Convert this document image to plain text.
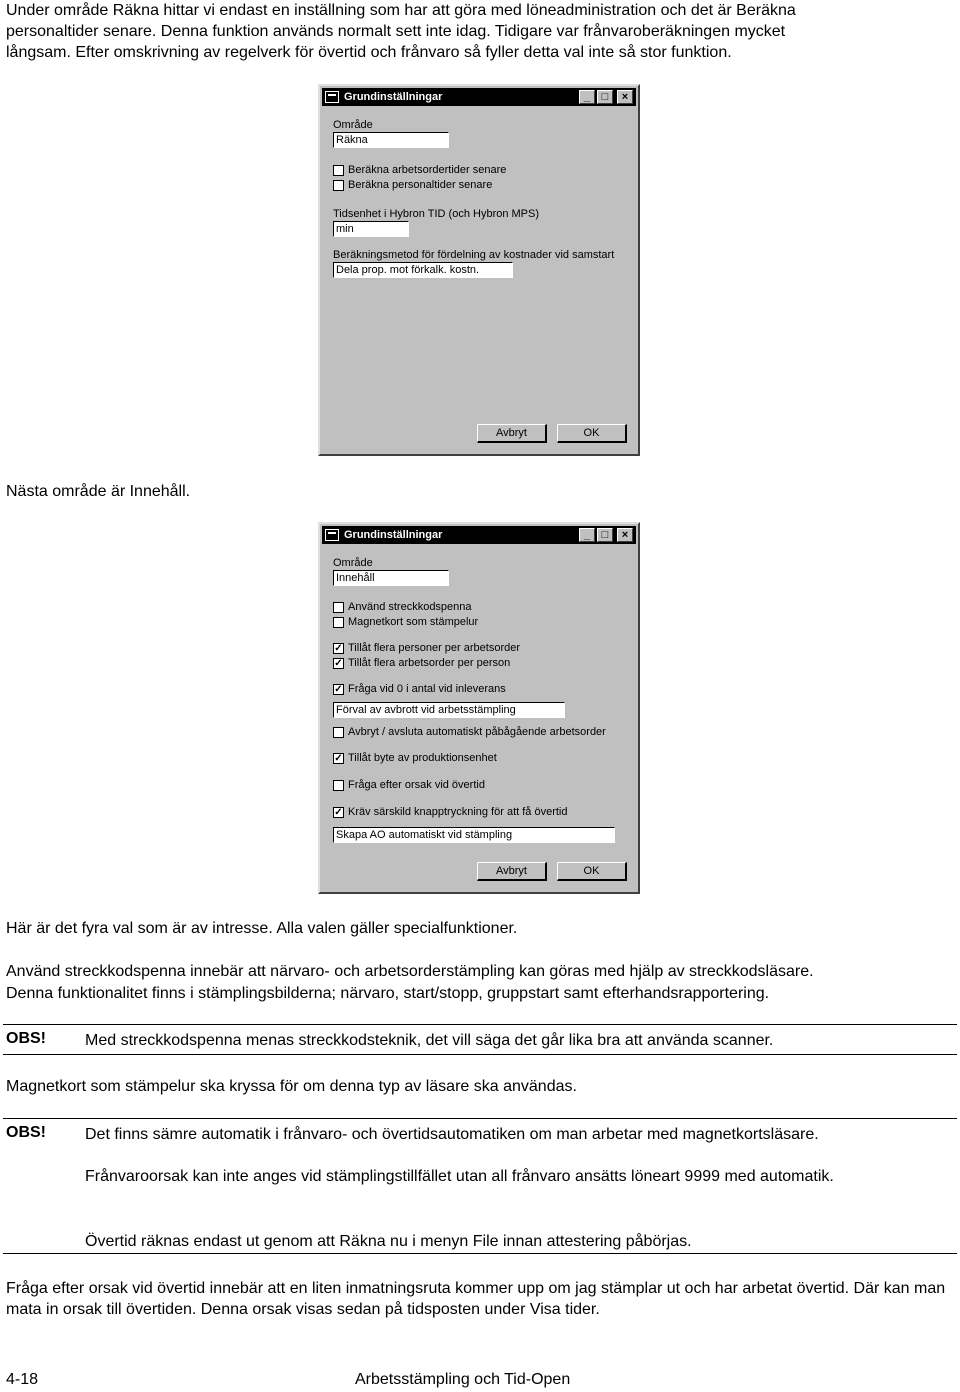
Under område Räkna hittar vi endast en inställning som har att göra med löneadministration och det är Beräkna

personaltider senare. Denna funktion används normalt sett inte idag. Tidigare var frånvaroberäkningen mycket

långsam. Efter omskrivning av regelverk för övertid och frånvaro så fyller detta val inte så stor funktion.

Grundinställningar	_	□	×
Område
Räkna
Beräkna arbetsordertider senare
Beräkna personaltider senare
Tidsenhet i Hybron TID (och Hybron MPS)
min
Beräkningsmetod för fördelning av kostnader vid samstart
Dela prop. mot förkalk. kostn.
Avbryt	OK

Nästa område är Innehåll.

Grundinställningar	_	□	×
Område
Innehåll
Använd streckkodspenna
Magnetkort som stämpelur
✓ Tillåt flera personer per arbetsorder
✓ Tillåt flera arbetsorder per person
✓ Fråga vid 0 i antal vid inleverans
Förval av avbrott vid arbetsstämpling
Avbryt / avsluta automatiskt påbågående arbetsorder
✓ Tillåt byte av produktionsenhet
Fråga efter orsak vid övertid
✓ Kräv särskild knapptryckning för att få övertid
Skapa AO automatiskt vid stämpling
Avbryt	OK

Här är det fyra val som är av intresse. Alla valen gäller specialfunktioner.

Använd streckkodspenna innebär att närvaro- och arbetsorderstämpling kan göras med hjälp av streckkodsläsare.

Denna funktionalitet finns i stämplingsbilderna; närvaro, start/stopp, gruppstart samt efterhandsrapportering.

OBS! Med streckkodspenna menas streckkodsteknik, det vill säga det går lika bra att använda scanner.

Magnetkort som stämpelur ska kryssa för om denna typ av läsare ska användas.

OBS! Det finns sämre automatik i frånvaro- och övertidsautomatiken om man arbetar med magnetkortsläsare.
Frånvaroorsak kan inte anges vid stämplingstillfället utan all frånvaro ansätts löneart 9999 med automatik.
Övertid räknas endast ut genom att Räkna nu i menyn File innan attestering påbörjas.

Fråga efter orsak vid övertid innebär att en liten inmatningsruta kommer upp om jag stämplar ut och har arbetat övertid. Där kan man mata in orsak till övertiden. Denna orsak visas sedan på tidsposten under Visa tider.

4-18	Arbetsstämpling och Tid-Open
